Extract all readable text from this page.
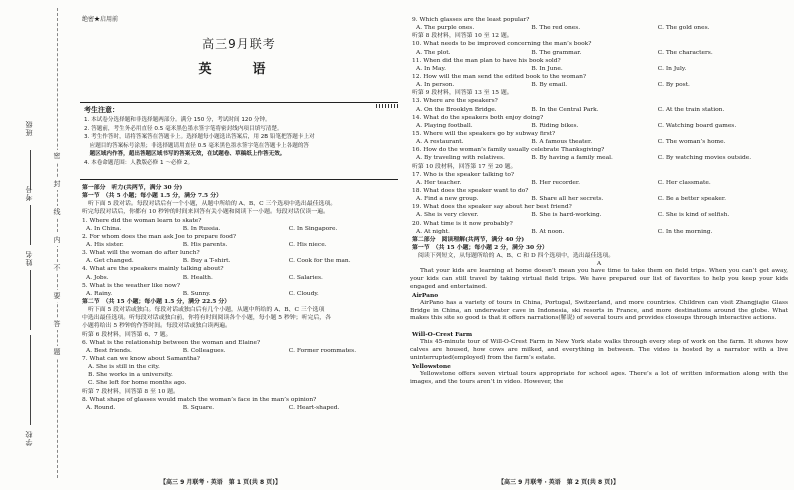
班级
姓名
考号
学校
密
封
线
内
不
要
答
题
绝密★启用前
高三9月联考
英　语
考生注意：
1. 本试卷分选择题和非选择题两部分。满分 150 分，考试时间 120 分钟。
2. 答题前，考生务必用直径 0.5 毫米黑色墨水签字笔将密封线内项目填写清楚。
3. 考生作答时，请将答案答在答题卡上。选择题每小题选出答案后，用 2B 铅笔把答题卡上对
　应题目的答案标号涂黑；非选择题请用直径 0.5 毫米黑色墨水签字笔在答题卡上各题的答
　题区域内作答，超出答题区域书写的答案无效，在试题卷、草稿纸上作答无效。
4. 本卷命题范围：人教版必修 1 ～必修 2。
第一部分　听力(共两节，满分 30 分)
第一节　（共 5 小题；每小题 1.5 分，满分 7.5 分）
听下面 5 段对话。每段对话后有一个小题，从题中所给的 A、B、C 三个选项中选出最佳选项。
听完每段对话后，你都有 10 秒钟的时间来回答有关小题和阅读下一小题。每段对话仅读一遍。
1. Where did the woman learn to skate?
A. In China.	B. In Russia.	C. In Singapore.
2. For whom does the man ask Joe to prepare food?
A. His sister.	B. His parents.	C. His niece.
3. What will the woman do after lunch?
A. Get changed.	B. Buy a T-shirt.	C. Cook for the man.
4. What are the speakers mainly talking about?
A. Jobs.	B. Health.	C. Salaries.
5. What is the weather like now?
A. Rainy.	B. Sunny.	C. Cloudy.
第二节　（共 15 小题；每小题 1.5 分，满分 22.5 分）
听下面 5 段对话或独白。每段对话或独白后有几个小题，从题中所给的 A、B、C 三个选项
中选出最佳选项。听每段对话或独白前，你将有时间阅读各个小题，每小题 5 秒钟；听完后，各
小题将给出 5 秒钟的作答时间。每段对话或独白读两遍。
听第 6 段材料，回答第 6、7 题。
6. What is the relationship between the woman and Elaine?
A. Best friends.	B. Colleagues.	C. Former roommates.
7. What can we know about Samantha?
A. She is still in the city.
B. She works in a university.
C. She left for home months ago.
听第 7 段材料，回答第 8 至 10 题。
8. What shape of glasses would match the woman’s face in the man’s opinion?
A. Round.	B. Square.	C. Heart-shaped.
【高三 9 月联考 · 英语　第 1 页(共 8 页)】
9. Which glasses are the least popular?
A. The purple ones.	B. The red ones.	C. The gold ones.
听第 8 段材料，回答第 10 至 12 题。
10. What needs to be improved concerning the man’s book?
A. The plot.	B. The grammar.	C. The characters.
11. When did the man plan to have his book sold?
A. In May.	B. In June.	C. In July.
12. How will the man send the edited book to the woman?
A. In person.	B. By email.	C. By post.
听第 9 段材料，回答第 13 至 15 题。
13. Where are the speakers?
A. On the Brooklyn Bridge.	B. In the Central Park.	C. At the train station.
14. What do the speakers both enjoy doing?
A. Playing football.	B. Riding bikes.	C. Watching board games.
15. Where will the speakers go by subway first?
A. A restaurant.	B. A famous theater.	C. The woman’s home.
16. How do the woman’s family usually celebrate Thanksgiving?
A. By traveling with relatives.	B. By having a family meal.	C. By watching movies outside.
听第 10 段材料，回答第 17 至 20 题。
17. Who is the speaker talking to?
A. Her teacher.	B. Her recorder.	C. Her classmate.
18. What does the speaker want to do?
A. Find a new group.	B. Share all her secrets.	C. Be a better speaker.
19. What does the speaker say about her best friend?
A. She is very clever.	B. She is hard-working.	C. She is kind of selfish.
20. What time is it now probably?
A. At night.	B. At noon.	C. In the morning.
第二部分　阅读理解(共两节，满分 40 分)
第一节　（共 15 小题；每小题 2 分，满分 30 分）
阅读下列短文，从每题所给的 A、B、C 和 D 四个选项中，选出最佳选项。
A
That your kids are learning at home doesn’t mean you have time to take them on field trips. When you can’t get away, your kids can still travel by taking virtual field trips. We have prepared our list of favorites to help you keep your kids engaged and entertained.
AirPano
AirPano has a variety of tours in China, Portugal, Switzerland, and more countries. Children can visit Zhangjiajie Glass Bridge in China, an underwater cave in Indonesia, ski resorts in France, and more destinations around the globe. What makes this site so good is that it offers narrations(解说) of several tours and provides closeups through interactive actions.
Will-O-Crest Farm
This 45-minute tour of Will-O-Crest Farm in New York state walks through every step of work on the farm. It shows how calves are housed, how cows are milked, and everything in between. The video is hosted by a narrator with a live uninterrupted(employed) from the farm’s estate.
Yellowstone
Yellowstone offers seven virtual tours appropriate for school ages. There’s a lot of written information along with the images, and the tours aren’t in video. However, the
【高三 9 月联考 · 英语　第 2 页(共 8 页)】
